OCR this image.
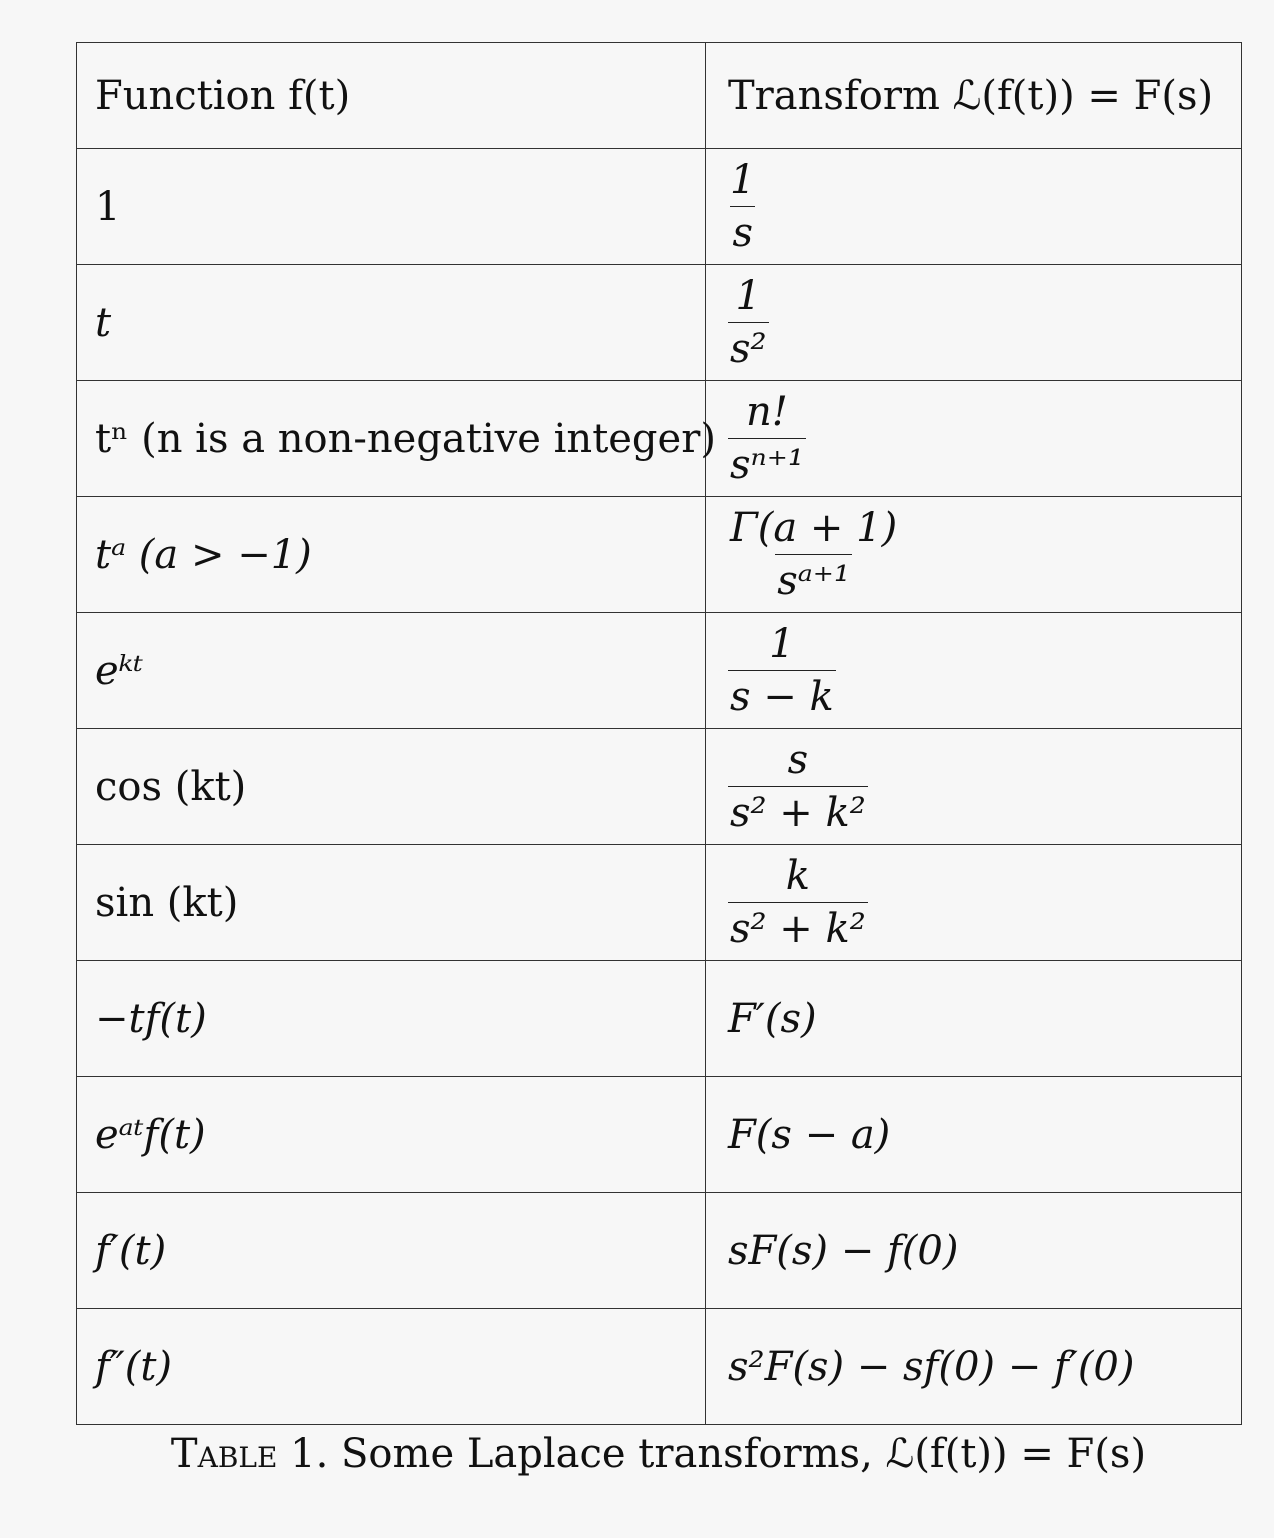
Function f(t)	Transform ℒ(f(t)) = F(s)
1	$\frac{1}{s}$

t	$\frac{1}{\text{s²}}$

tⁿ (n is a non-negative integer)	$\frac{n!}{\text{sⁿ⁺¹}}$

tᵃ (a > −1)	$\frac{\Gamma(a + 1)}{\text{sᵃ⁺¹}}$

eᵏᵗ	$\frac{1}{s - k}$

cos (kt)	$\frac{s}{\text{s² + k²}}$

sin (kt)	$\frac{k}{\text{s² + k²}}$

−tf(t)	F′(s)
eᵃᵗf(t)	F(s − a)
f′(t)	sF(s) − f(0)
f″(t)	s²F(s) − sf(0) − f′(0)
Table 1. Some Laplace transforms, ℒ(f(t)) = F(s)
